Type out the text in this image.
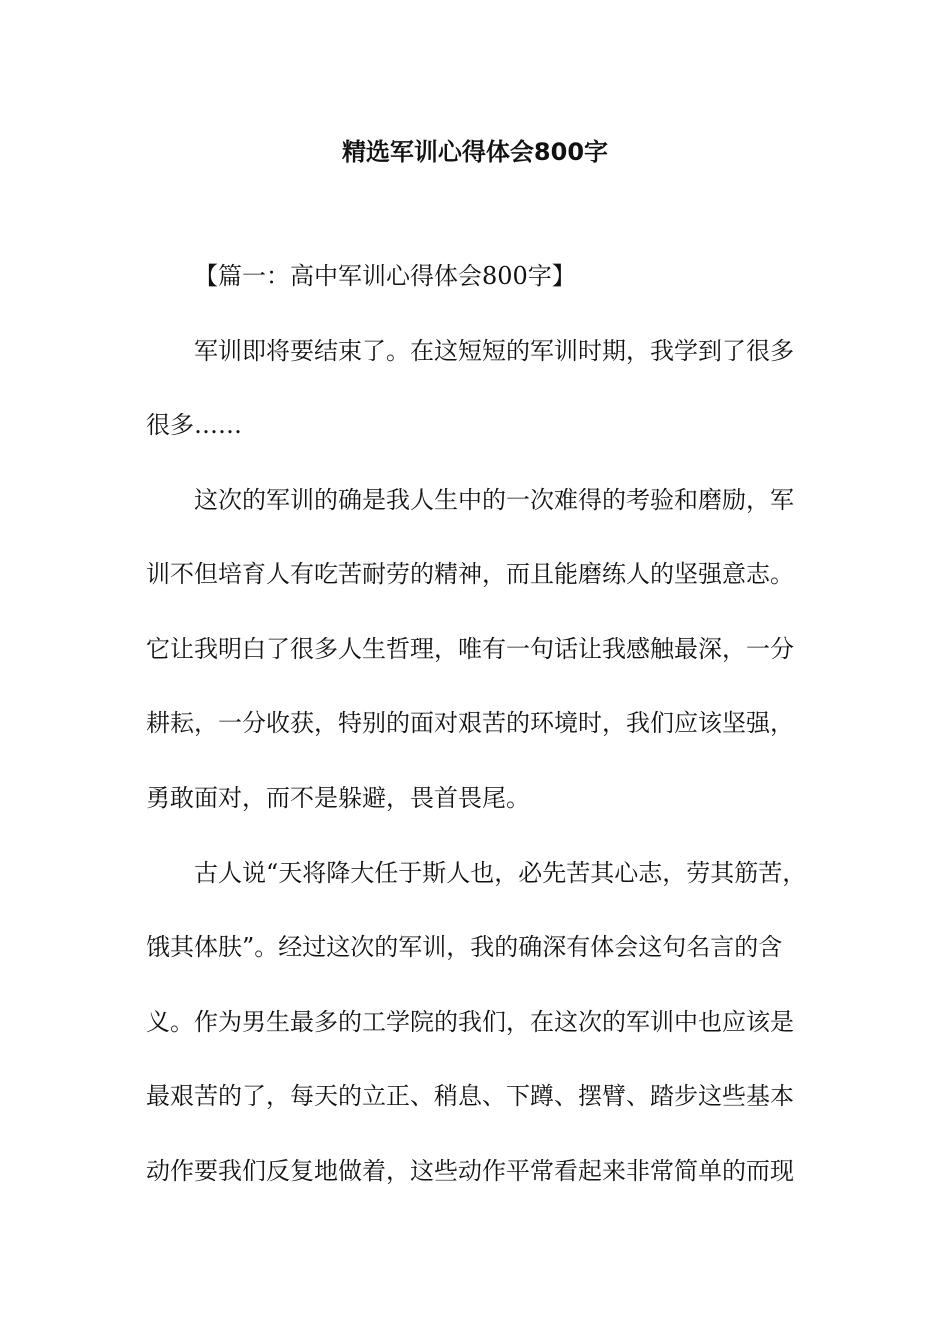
精选军训心得体会800字
【篇一：高中军训心得体会800字】
军训即将要结束了。在这短短的军训时期，我学到了很多
很多……
这次的军训的确是我人生中的一次难得的考验和磨励，军
训不但培育人有吃苦耐劳的精神，而且能磨练人的坚强意志。
它让我明白了很多人生哲理，唯有一句话让我感触最深，一分
耕耘，一分收获，特别的面对艰苦的环境时，我们应该坚强，
勇敢面对，而不是躲避，畏首畏尾。
古人说“天将降大任于斯人也，必先苦其心志，劳其筋苦，
饿其体肤”。经过这次的军训，我的确深有体会这句名言的含
义。作为男生最多的工学院的我们，在这次的军训中也应该是
最艰苦的了，每天的立正、稍息、下蹲、摆臂、踏步这些基本
动作要我们反复地做着，这些动作平常看起来非常简单的而现
